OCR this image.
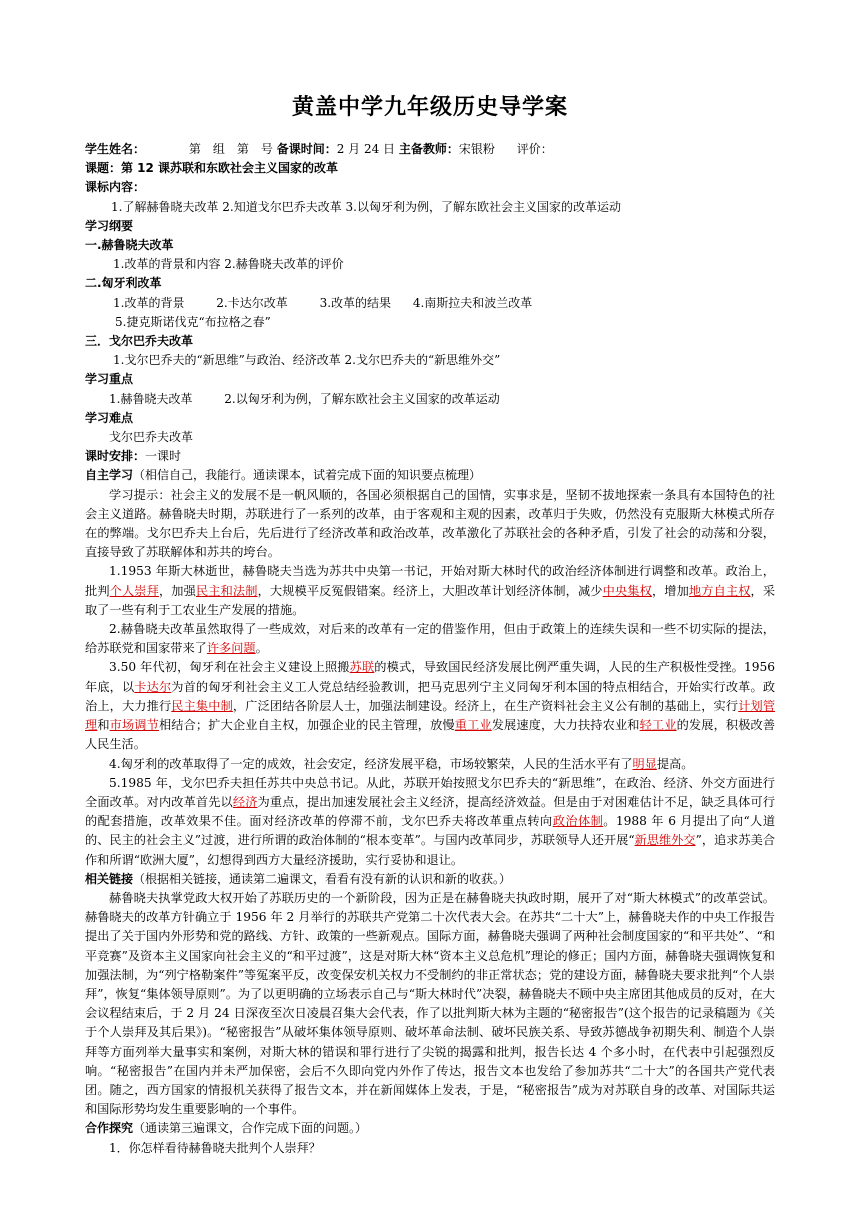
黄盖中学九年级历史导学案
学生姓名：	第　组　第　号 备课时间：2 月 24 日 主备教师：宋银粉 评价：
课题：第 12 课苏联和东欧社会主义国家的改革
课标内容：
1.了解赫鲁晓夫改革 2.知道戈尔巴乔夫改革 3.以匈牙利为例，了解东欧社会主义国家的改革运动
学习纲要
一.赫鲁晓夫改革
1.改革的背景和内容 2.赫鲁晓夫改革的评价
二.匈牙利改革
1.改革的背景	2.卡达尔改革	3.改革的结果 4.南斯拉夫和波兰改革
5.捷克斯诺伐克“布拉格之春”
三．戈尔巴乔夫改革
1.戈尔巴乔夫的“新思维”与政治、经济改革 2.戈尔巴乔夫的“新思维外交”
学习重点
1.赫鲁晓夫改革	2.以匈牙利为例，了解东欧社会主义国家的改革运动
学习难点
戈尔巴乔夫改革
课时安排：一课时
自主学习（相信自己，我能行。通读课本，试着完成下面的知识要点梳理）

学习提示：社会主义的发展不是一帆风顺的，各国必须根据自己的国情，实事求是，坚韧不拔地探索一条具有本国特色的社会主义道路。赫鲁晓夫时期，苏联进行了一系列的改革，由于客观和主观的因素，改革归于失败，仍然没有克服斯大林模式所存在的弊端。戈尔巴乔夫上台后，先后进行了经济改革和政治改革，改革激化了苏联社会的各种矛盾，引发了社会的动荡和分裂，直接导致了苏联解体和苏共的垮台。

1.1953 年斯大林逝世，赫鲁晓夫当选为苏共中央第一书记，开始对斯大林时代的政治经济体制进行调整和改革。政治上，批判个人崇拜，加强民主和法制，大规模平反冤假错案。经济上，大胆改革计划经济体制，减少中央集权，增加地方自主权，采取了一些有利于工农业生产发展的措施。

2.赫鲁晓夫改革虽然取得了一些成效，对后来的改革有一定的借鉴作用，但由于政策上的连续失误和一些不切实际的提法，给苏联党和国家带来了许多问题。

3.50 年代初，匈牙利在社会主义建设上照搬苏联的模式，导致国民经济发展比例严重失调，人民的生产积极性受挫。1956 年底，以卡达尔为首的匈牙利社会主义工人党总结经验教训，把马克思列宁主义同匈牙利本国的特点相结合，开始实行改革。政治上，大力推行民主集中制，广泛团结各阶层人士，加强法制建设。经济上，在生产资料社会主义公有制的基础上，实行计划管理和市场调节相结合；扩大企业自主权，加强企业的民主管理，放慢重工业发展速度，大力扶持农业和轻工业的发展，积极改善人民生活。

4.匈牙利的改革取得了一定的成效，社会安定，经济发展平稳，市场较繁荣，人民的生活水平有了明显提高。

5.1985 年，戈尔巴乔夫担任苏共中央总书记。从此，苏联开始按照戈尔巴乔夫的“新思维”，在政治、经济、外交方面进行全面改革。对内改革首先以经济为重点，提出加速发展社会主义经济，提高经济效益。但是由于对困难估计不足，缺乏具体可行的配套措施，改革效果不佳。面对经济改革的停滞不前，戈尔巴乔夫将改革重点转向政治体制。1988 年 6 月提出了向“人道的、民主的社会主义”过渡，进行所谓的政治体制的“根本变革”。与国内改革同步，苏联领导人还开展“新思维外交”，追求苏美合作和所谓“欧洲大厦”，幻想得到西方大量经济援助，实行妥协和退让。

相关链接（根据相关链接，通读第二遍课文，看看有没有新的认识和新的收获。）

赫鲁晓夫执掌党政大权开始了苏联历史的一个新阶段，因为正是在赫鲁晓夫执政时期，展开了对“斯大林模式”的改革尝试。赫鲁晓夫的改革方针确立于 1956 年 2 月举行的苏联共产党第二十次代表大会。在苏共“二十大”上，赫鲁晓夫作的中央工作报告提出了关于国内外形势和党的路线、方针、政策的一些新观点。国际方面，赫鲁晓夫强调了两种社会制度国家的“和平共处”、“和平竞赛”及资本主义国家向社会主义的“和平过渡”，这是对斯大林“资本主义总危机”理论的修正；国内方面，赫鲁晓夫强调恢复和加强法制，为“列宁格勒案件”等冤案平反，改变保安机关权力不受制约的非正常状态；党的建设方面，赫鲁晓夫要求批判“个人崇拜”，恢复“集体领导原则”。为了以更明确的立场表示自己与“斯大林时代”决裂，赫鲁晓夫不顾中央主席团其他成员的反对，在大会议程结束后，于 2 月 24 日深夜至次日凌晨召集大会代表，作了以批判斯大林为主题的“秘密报告”(这个报告的记录稿题为《关于个人崇拜及其后果》)。“秘密报告”从破坏集体领导原则、破坏革命法制、破坏民族关系、导致苏德战争初期失利、制造个人崇拜等方面列举大量事实和案例，对斯大林的错误和罪行进行了尖锐的揭露和批判，报告长达 4 个多小时，在代表中引起强烈反响。“秘密报告”在国内并未严加保密，会后不久即向党内外作了传达，报告文本也发给了参加苏共“二十大”的各国共产党代表团。随之，西方国家的情报机关获得了报告文本，并在新闻媒体上发表，于是，“秘密报告”成为对苏联自身的改革、对国际共运和国际形势均发生重要影响的一个事件。

合作探究（通读第三遍课文，合作完成下面的问题。）
1．你怎样看待赫鲁晓夫批判个人崇拜？
